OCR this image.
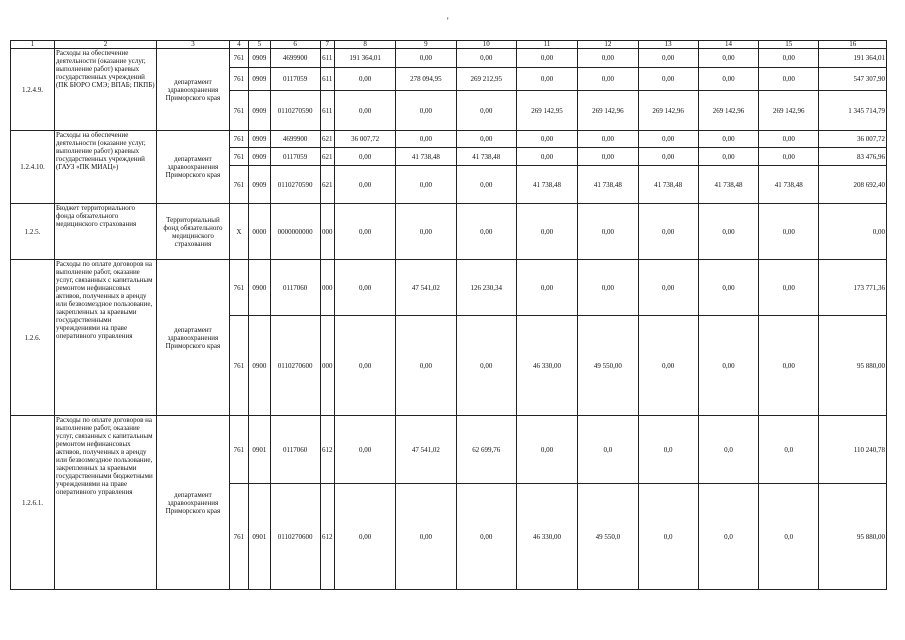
'
1	2	3	4	5	6	7	8	9	10	11	12	13	14	15	16
1.2.4.9.	Расходы на обеспечение деятельности (оказание услуг, выполнение работ) краевых государственных учреждений (ПК БЮРО СМЭ; ВПАБ; ПКПБ)	департамент здравоохранения Приморского края	761	0909	4699900	611	191 364,01	0,00	0,00	0,00	0,00	0,00	0,00	0,00	191 364,01
			761	0909	0117059	611	0,00	278 094,95	269 212,95	0,00	0,00	0,00	0,00	0,00	547 307,90
			761	0909	0110270590	611	0,00	0,00	0,00	269 142,95	269 142,96	269 142,96	269 142,96	269 142,96	1 345 714,79
1.2.4.10.	Расходы на обеспечение деятельности (оказание услуг, выполнение работ) краевых государственных учреждений (ГАУЗ «ПК МИАЦ»)	департамент здравоохранения Приморского края	761	0909	4699900	621	36 007,72	0,00	0,00	0,00	0,00	0,00	0,00	0,00	36 007,72
			761	0909	0117059	621	0,00	41 738,48	41 738,48	0,00	0,00	0,00	0,00	0,00	83 476,96
			761	0909	0110270590	621	0,00	0,00	0,00	41 738,48	41 738,48	41 738,48	41 738,48	41 738,48	208 692,40
1.2.5.	Бюджет территориального фонда обязательного медицинского страхования	Территориальный фонд обязательного медицинского страхования	X	0000	0000000000	000	0,00	0,00	0,00	0,00	0,00	0,00	0,00	0,00	0,00
1.2.6.	Расходы по оплате договоров на выполнение работ, оказание услуг, связанных с капитальным ремонтом нефинансовых активов, полученных в аренду или безвозмездное пользование, закрепленных за краевыми государственными учреждениями на праве оперативного управления	департамент здравоохранения Приморского края	761	0900	0117060	000	0,00	47 541,02	126 230,34	0,00	0,00	0,00	0,00	0,00	173 771,36
			761	0900	0110270600	000	0,00	0,00	0,00	46 330,00	49 550,00	0,00	0,00	0,00	95 880,00
1.2.6.1.	Расходы по оплате договоров на выполнение работ, оказание услуг, связанных с капитальным ремонтом нефинансовых активов, полученных в аренду или безвозмездное пользование, закрепленных за краевыми государственными бюджетными учреждениями на праве оперативного управления	департамент здравоохранения Приморского края	761	0901	0117060	612	0,00	47 541,02	62 699,76	0,00	0,0	0,0	0,0	0,0	110 240,78
			761	0901	0110270600	612	0,00	0,00	0,00	46 330,00	49 550,0	0,0	0,0	0,0	95 880,00
